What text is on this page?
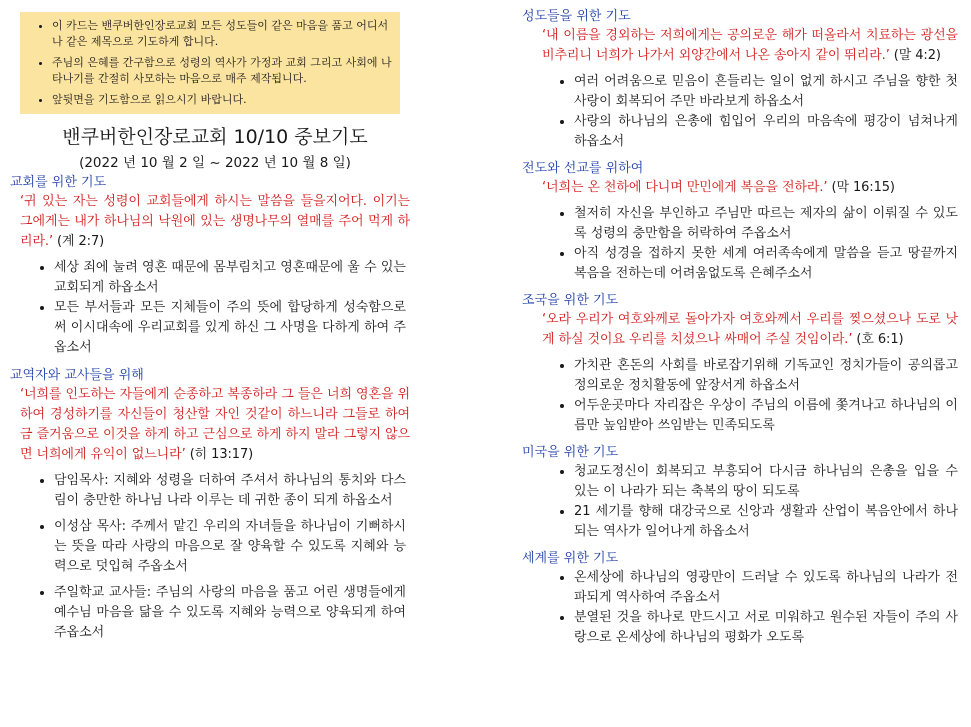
• 이 카드는 밴쿠버한인장로교회 모든 성도들이 같은 마음을 품고 어디서나 같은 제목으로 기도하게 합니다.
• 주님의 은혜를 간구함으로 성령의 역사가 가정과 교회 그리고 사회에 나타나기를 간절히 사모하는 마음으로 매주 제작됩니다.
• 앞뒷면을 기도함으로 읽으시기 바랍니다.
밴쿠버한인장로교회 10/10 중보기도
(2022 년 10 월 2 일 ~ 2022 년 10 월 8 일)
교회를 위한 기도
‘귀 있는 자는 성령이 교회들에게 하시는 말씀을 들을지어다. 이기는 그에게는 내가 하나님의 낙원에 있는 생명나무의 열매를 주어 먹게 하리라.’ (계 2:7)
• 세상 죄에 눌려 영혼 때문에 몸부림치고 영혼때문에 울 수 있는 교회되게 하옵소서
• 모든 부서들과 모든 지체들이 주의 뜻에 합당하게 성숙함으로써 이시대속에 우리교회를 있게 하신 그 사명을 다하게 하여 주옵소서
교역자와 교사들을 위해
‘너희를 인도하는 자들에게 순종하고 복종하라 그 들은 너희 영혼을 위하여 경성하기를 자신들이 청산할 자인 것같이 하느니라 그들로 하여금 즐거움으로 이것을 하게 하고 근심으로 하게 하지 말라 그렇지 않으면 너희에게 유익이 없느니라’ (히 13:17)
• 담임목사: 지혜와 성령을 더하여 주셔서 하나님의 통치와 다스림이 충만한 하나님 나라 이루는 데 귀한 종이 되게 하옵소서
• 이성삼 목사: 주께서 맡긴 우리의 자녀들을 하나님이 기뻐하시는 뜻을 따라 사랑의 마음으로 잘 양육할 수 있도록 지혜와 능력으로 덧입혀 주옵소서
• 주일학교 교사들: 주님의 사랑의 마음을 품고 어린 생명들에게 예수님 마음을 닮을 수 있도록 지혜와 능력으로 양육되게 하여 주옵소서
성도들을 위한 기도
‘내 이름을 경외하는 저희에게는 공의로운 해가 떠올라서 치료하는 광선을 비추리니 너희가 나가서 외양간에서 나온 송아지 같이 뛰리라.’ (말 4:2)
• 여러 어려움으로 믿음이 흔들리는 일이 없게 하시고 주님을 향한 첫사랑이 회복되어 주만 바라보게 하옵소서
• 사랑의 하나님의 은총에 힘입어 우리의 마음속에 평강이 넘쳐나게 하옵소서
전도와 선교를 위하여
‘너희는 온 천하에 다니며 만민에게 복음을 전하라.’ (막 16:15)
• 철저히 자신을 부인하고 주님만 따르는 제자의 삶이 이뤄질 수 있도록 성령의 충만함을 허락하여 주옵소서
• 아직 성경을 접하지 못한 세계 여러족속에게 말씀을 듣고 땅끝까지 복음을 전하는데 어려움없도록 은혜주소서
조국을 위한 기도
‘오라 우리가 여호와께로 돌아가자 여호와께서 우리를 찢으셨으나 도로 낫게 하실 것이요 우리를 치셨으나 싸매어 주실 것임이라.’ (호 6:1)
• 가치관 혼돈의 사회를 바로잡기위해 기독교인 정치가들이 공의롭고 정의로운 정치활동에 앞장서게 하옵소서
• 어두운곳마다 자리잡은 우상이 주님의 이름에 쫓겨나고 하나님의 이름만 높임받아 쓰임받는 민족되도록
미국을 위한 기도
• 청교도정신이 회복되고 부흥되어 다시금 하나님의 은총을 입을 수 있는 이 나라가 되는 축복의 땅이 되도록
• 21 세기를 향해 대강국으로 신앙과 생활과 산업이 복음안에서 하나되는 역사가 일어나게 하옵소서
세계를 위한 기도
• 온세상에 하나님의 영광만이 드러날 수 있도록 하나님의 나라가 전파되게 역사하여 주옵소서
• 분열된 것을 하나로 만드시고 서로 미워하고 원수된 자들이 주의 사랑으로 온세상에 하나님의 평화가 오도록
